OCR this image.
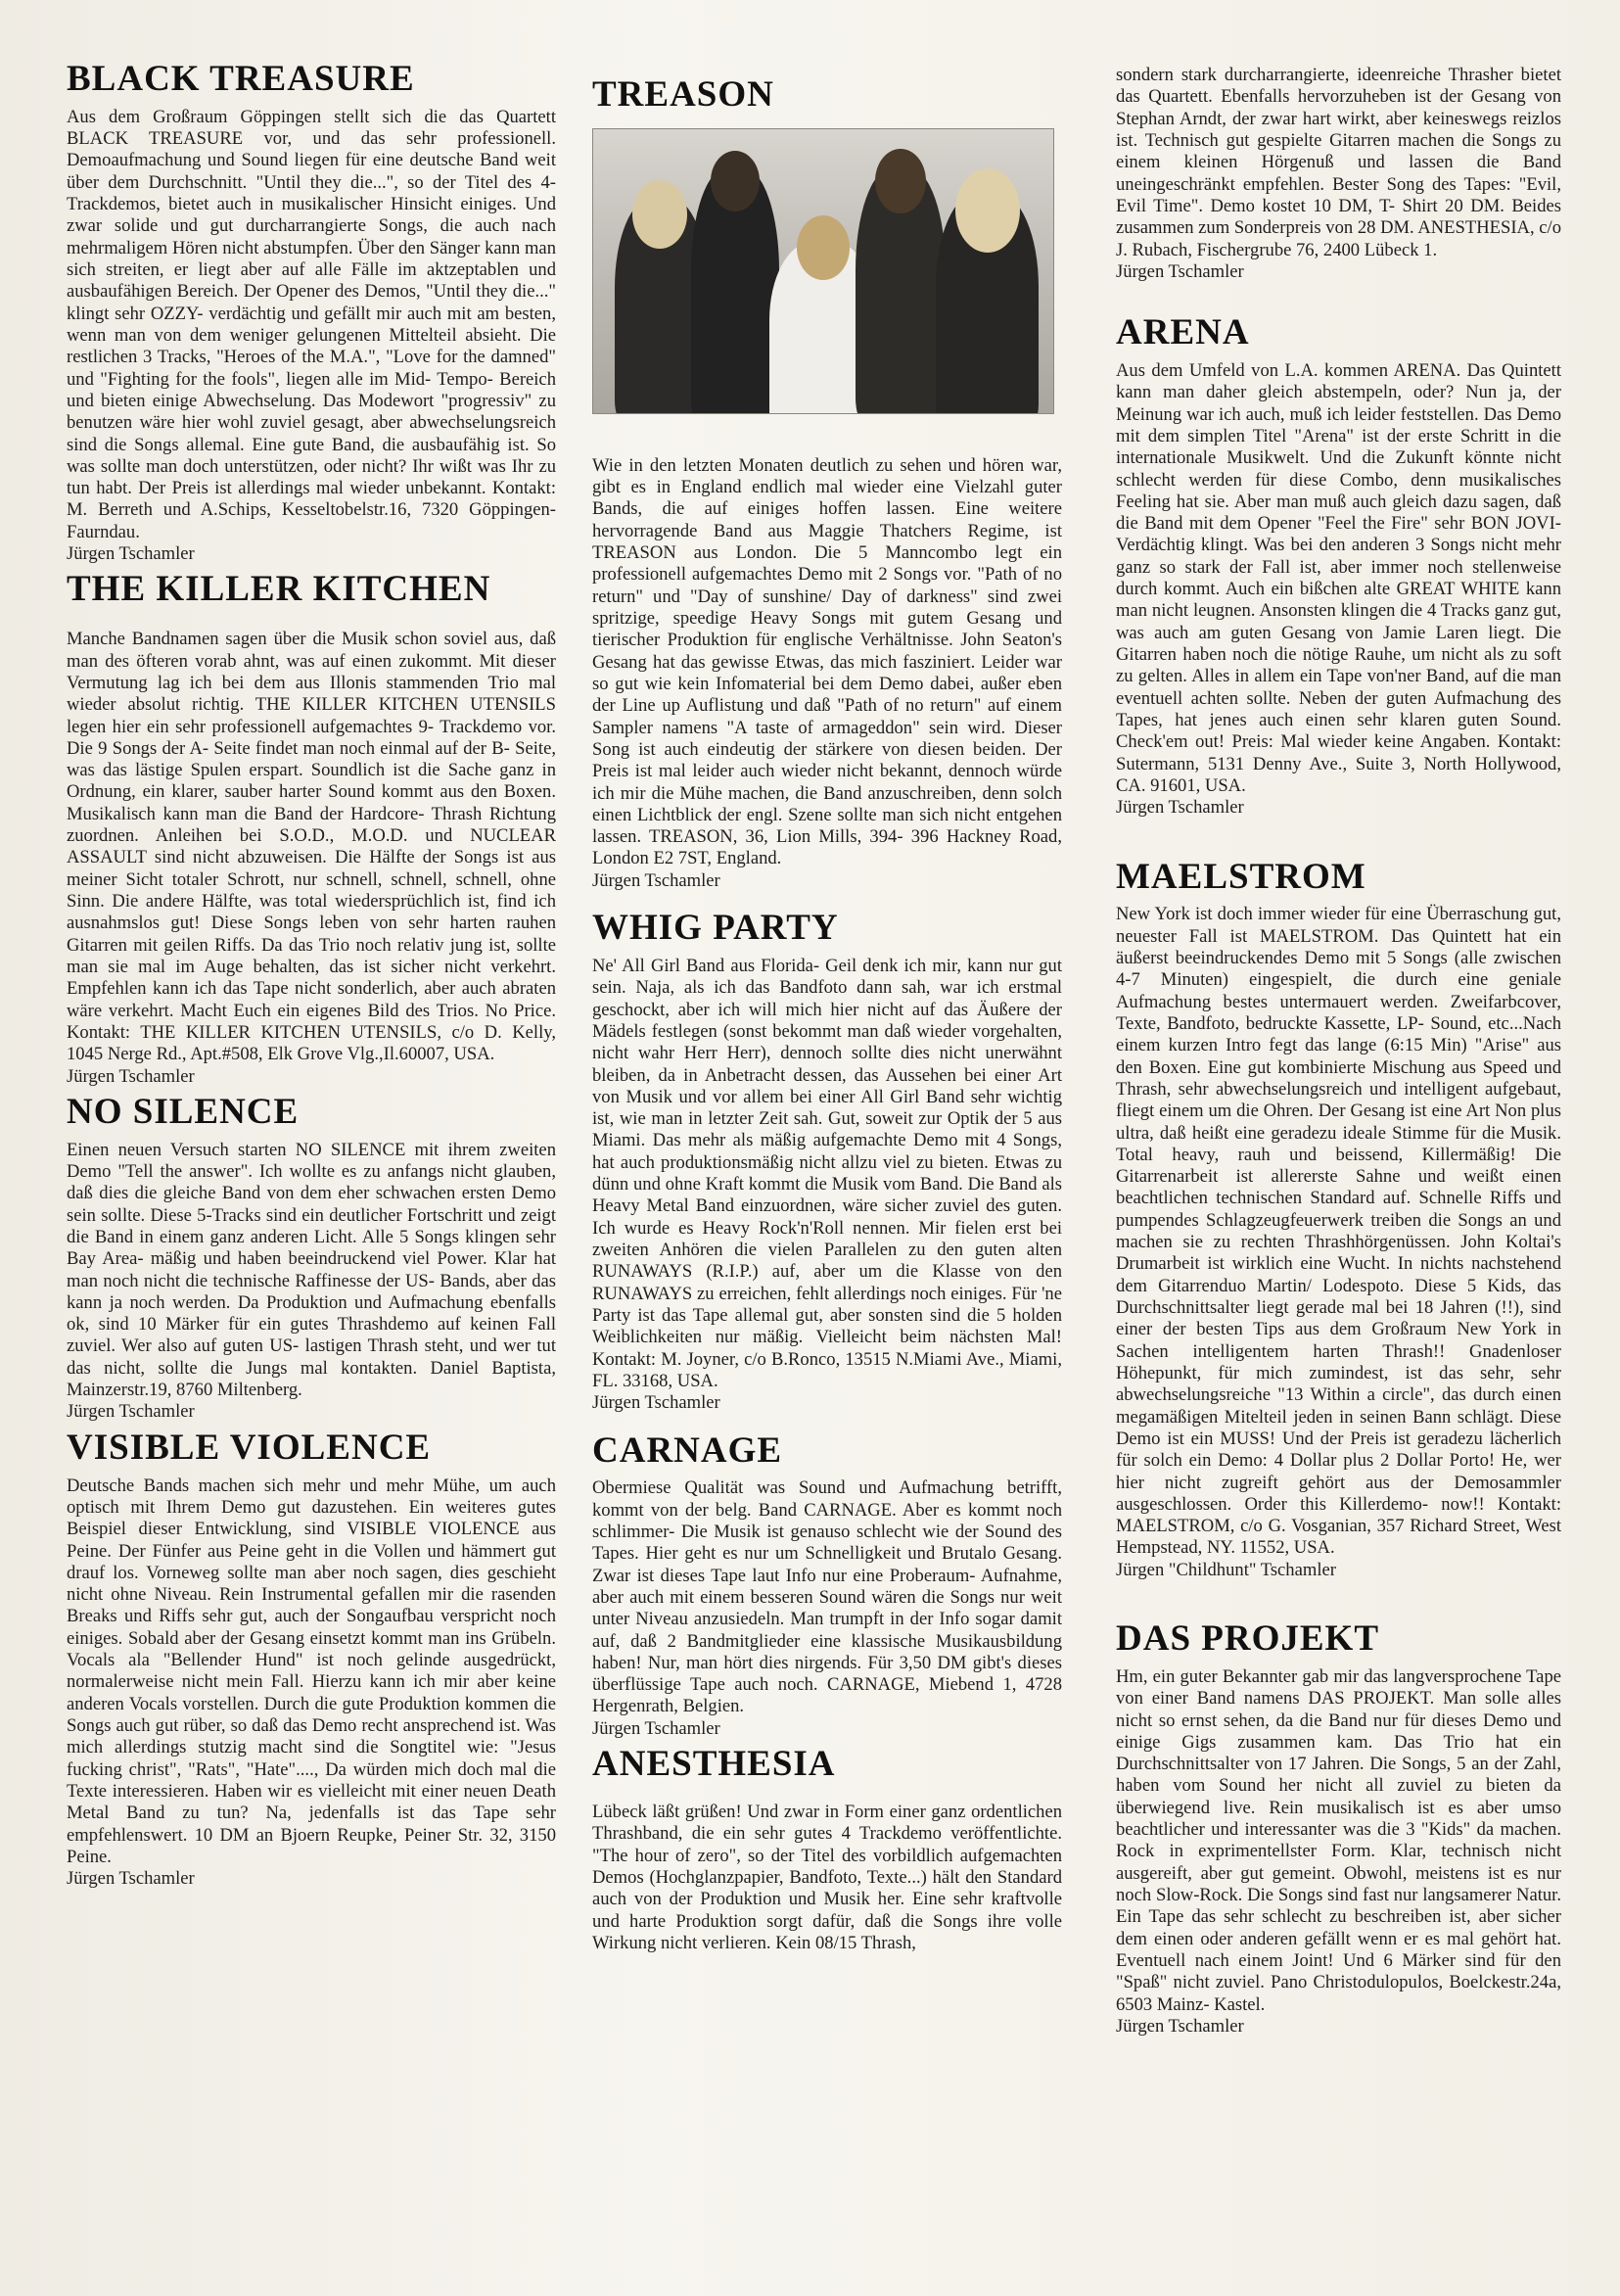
BLACK TREASURE

Aus dem Großraum Göppingen stellt sich die das Quartett BLACK TREASURE vor, und das sehr professionell. Demoaufmachung und Sound liegen für eine deutsche Band weit über dem Durchschnitt. "Until they die...", so der Titel des 4- Trackdemos, bietet auch in musikalischer Hinsicht einiges. Und zwar solide und gut durcharrangierte Songs, die auch nach mehrmaligem Hören nicht abstumpfen. Über den Sänger kann man sich streiten, er liegt aber auf alle Fälle im aktzeptablen und ausbaufähigen Bereich. Der Opener des Demos, "Until they die..." klingt sehr OZZY- verdächtig und gefällt mir auch mit am besten, wenn man von dem weniger gelungenen Mittelteil absieht. Die restlichen 3 Tracks, "Heroes of the M.A.", "Love for the damned" und "Fighting for the fools", liegen alle im Mid- Tempo- Bereich und bieten einige Abwechselung. Das Modewort "progressiv" zu benutzen wäre hier wohl zuviel gesagt, aber abwechselungsreich sind die Songs allemal. Eine gute Band, die ausbaufähig ist. So was sollte man doch unterstützen, oder nicht? Ihr wißt was Ihr zu tun habt. Der Preis ist allerdings mal wieder unbekannt. Kontakt: M. Berreth und A.Schips, Kesseltobelstr.16, 7320 Göppingen- Faurndau.

Jürgen Tschamler
THE KILLER KITCHEN

Manche Bandnamen sagen über die Musik schon soviel aus, daß man des öfteren vorab ahnt, was auf einen zukommt. Mit dieser Vermutung lag ich bei dem aus Illonis stammenden Trio mal wieder absolut richtig. THE KILLER KITCHEN UTENSILS legen hier ein sehr professionell aufgemachtes 9- Trackdemo vor. Die 9 Songs der A- Seite findet man noch einmal auf der B- Seite, was das lästige Spulen erspart. Soundlich ist die Sache ganz in Ordnung, ein klarer, sauber harter Sound kommt aus den Boxen. Musikalisch kann man die Band der Hardcore- Thrash Richtung zuordnen. Anleihen bei S.O.D., M.O.D. und NUCLEAR ASSAULT sind nicht abzuweisen. Die Hälfte der Songs ist aus meiner Sicht totaler Schrott, nur schnell, schnell, schnell, ohne Sinn. Die andere Hälfte, was total wiedersprüchlich ist, find ich ausnahmslos gut! Diese Songs leben von sehr harten rauhen Gitarren mit geilen Riffs. Da das Trio noch relativ jung ist, sollte man sie mal im Auge behalten, das ist sicher nicht verkehrt. Empfehlen kann ich das Tape nicht sonderlich, aber auch abraten wäre verkehrt. Macht Euch ein eigenes Bild des Trios. No Price. Kontakt: THE KILLER KITCHEN UTENSILS, c/o D. Kelly, 1045 Nerge Rd., Apt.#508, Elk Grove Vlg.,Il.60007, USA.

Jürgen Tschamler
NO SILENCE

Einen neuen Versuch starten NO SILENCE mit ihrem zweiten Demo "Tell the answer". Ich wollte es zu anfangs nicht glauben, daß dies die gleiche Band von dem eher schwachen ersten Demo sein sollte. Diese 5-Tracks sind ein deutlicher Fortschritt und zeigt die Band in einem ganz anderen Licht. Alle 5 Songs klingen sehr Bay Area- mäßig und haben beeindruckend viel Power. Klar hat man noch nicht die technische Raffinesse der US- Bands, aber das kann ja noch werden. Da Produktion und Aufmachung ebenfalls ok, sind 10 Märker für ein gutes Thrashdemo auf keinen Fall zuviel. Wer also auf guten US- lastigen Thrash steht, und wer tut das nicht, sollte die Jungs mal kontakten. Daniel Baptista, Mainzerstr.19, 8760 Miltenberg.

Jürgen Tschamler
VISIBLE VIOLENCE

Deutsche Bands machen sich mehr und mehr Mühe, um auch optisch mit Ihrem Demo gut dazustehen. Ein weiteres gutes Beispiel dieser Entwicklung, sind VISIBLE VIOLENCE aus Peine. Der Fünfer aus Peine geht in die Vollen und hämmert gut drauf los. Vorneweg sollte man aber noch sagen, dies geschieht nicht ohne Niveau. Rein Instrumental gefallen mir die rasenden Breaks und Riffs sehr gut, auch der Songaufbau verspricht noch einiges. Sobald aber der Gesang einsetzt kommt man ins Grübeln. Vocals ala "Bellender Hund" ist noch gelinde ausgedrückt, normalerweise nicht mein Fall. Hierzu kann ich mir aber keine anderen Vocals vorstellen. Durch die gute Produktion kommen die Songs auch gut rüber, so daß das Demo recht ansprechend ist. Was mich allerdings stutzig macht sind die Songtitel wie: "Jesus fucking christ", "Rats", "Hate"...., Da würden mich doch mal die Texte interessieren. Haben wir es vielleicht mit einer neuen Death Metal Band zu tun? Na, jedenfalls ist das Tape sehr empfehlenswert. 10 DM an Bjoern Reupke, Peiner Str. 32, 3150 Peine.

Jürgen Tschamler
TREASON

Wie in den letzten Monaten deutlich zu sehen und hören war, gibt es in England endlich mal wieder eine Vielzahl guter Bands, die auf einiges hoffen lassen. Eine weitere hervorragende Band aus Maggie Thatchers Regime, ist TREASON aus London. Die 5 Manncombo legt ein professionell aufgemachtes Demo mit 2 Songs vor. "Path of no return" und "Day of sunshine/ Day of darkness" sind zwei spritzige, speedige Heavy Songs mit gutem Gesang und tierischer Produktion für englische Verhältnisse. John Seaton's Gesang hat das gewisse Etwas, das mich fasziniert. Leider war so gut wie kein Infomaterial bei dem Demo dabei, außer eben der Line up Auflistung und daß "Path of no return" auf einem Sampler namens "A taste of armageddon" sein wird. Dieser Song ist auch eindeutig der stärkere von diesen beiden. Der Preis ist mal leider auch wieder nicht bekannt, dennoch würde ich mir die Mühe machen, die Band anzuschreiben, denn solch einen Lichtblick der engl. Szene sollte man sich nicht entgehen lassen. TREASON, 36, Lion Mills, 394- 396 Hackney Road, London E2 7ST, England.

Jürgen Tschamler
WHIG PARTY

Ne' All Girl Band aus Florida- Geil denk ich mir, kann nur gut sein. Naja, als ich das Bandfoto dann sah, war ich erstmal geschockt, aber ich will mich hier nicht auf das Äußere der Mädels festlegen (sonst bekommt man daß wieder vorgehalten, nicht wahr Herr Herr), dennoch sollte dies nicht unerwähnt bleiben, da in Anbetracht dessen, das Aussehen bei einer Art von Musik und vor allem bei einer All Girl Band sehr wichtig ist, wie man in letzter Zeit sah. Gut, soweit zur Optik der 5 aus Miami. Das mehr als mäßig aufgemachte Demo mit 4 Songs, hat auch produktionsmäßig nicht allzu viel zu bieten. Etwas zu dünn und ohne Kraft kommt die Musik vom Band. Die Band als Heavy Metal Band einzuordnen, wäre sicher zuviel des guten. Ich wurde es Heavy Rock'n'Roll nennen. Mir fielen erst bei zweiten Anhören die vielen Parallelen zu den guten alten RUNAWAYS (R.I.P.) auf, aber um die Klasse von den RUNAWAYS zu erreichen, fehlt allerdings noch einiges. Für 'ne Party ist das Tape allemal gut, aber sonsten sind die 5 holden Weiblichkeiten nur mäßig. Vielleicht beim nächsten Mal! Kontakt: M. Joyner, c/o B.Ronco, 13515 N.Miami Ave., Miami, FL. 33168, USA.

Jürgen Tschamler
CARNAGE

Obermiese Qualität was Sound und Aufmachung betrifft, kommt von der belg. Band CARNAGE. Aber es kommt noch schlimmer- Die Musik ist genauso schlecht wie der Sound des Tapes. Hier geht es nur um Schnelligkeit und Brutalo Gesang. Zwar ist dieses Tape laut Info nur eine Proberaum- Aufnahme, aber auch mit einem besseren Sound wären die Songs nur weit unter Niveau anzusiedeln. Man trumpft in der Info sogar damit auf, daß 2 Bandmitglieder eine klassische Musikausbildung haben! Nur, man hört dies nirgends. Für 3,50 DM gibt's dieses überflüssige Tape auch noch. CARNAGE, Miebend 1, 4728 Hergenrath, Belgien.

Jürgen Tschamler
ANESTHESIA

Lübeck läßt grüßen! Und zwar in Form einer ganz ordentlichen Thrashband, die ein sehr gutes 4 Trackdemo veröffentlichte. "The hour of zero", so der Titel des vorbildlich aufgemachten Demos (Hochglanzpapier, Bandfoto, Texte...) hält den Standard auch von der Produktion und Musik her. Eine sehr kraftvolle und harte Produktion sorgt dafür, daß die Songs ihre volle Wirkung nicht verlieren. Kein 08/15 Thrash,

sondern stark durcharrangierte, ideenreiche Thrasher bietet das Quartett. Ebenfalls hervorzuheben ist der Gesang von Stephan Arndt, der zwar hart wirkt, aber keineswegs reizlos ist. Technisch gut gespielte Gitarren machen die Songs zu einem kleinen Hörgenuß und lassen die Band uneingeschränkt empfehlen. Bester Song des Tapes: "Evil, Evil Time". Demo kostet 10 DM, T- Shirt 20 DM. Beides zusammen zum Sonderpreis von 28 DM. ANESTHESIA, c/o J. Rubach, Fischergrube 76, 2400 Lübeck 1.

Jürgen Tschamler
ARENA

Aus dem Umfeld von L.A. kommen ARENA. Das Quintett kann man daher gleich abstempeln, oder? Nun ja, der Meinung war ich auch, muß ich leider feststellen. Das Demo mit dem simplen Titel "Arena" ist der erste Schritt in die internationale Musikwelt. Und die Zukunft könnte nicht schlecht werden für diese Combo, denn musikalisches Feeling hat sie. Aber man muß auch gleich dazu sagen, daß die Band mit dem Opener "Feel the Fire" sehr BON JOVI-Verdächtig klingt. Was bei den anderen 3 Songs nicht mehr ganz so stark der Fall ist, aber immer noch stellenweise durch kommt. Auch ein bißchen alte GREAT WHITE kann man nicht leugnen. Ansonsten klingen die 4 Tracks ganz gut, was auch am guten Gesang von Jamie Laren liegt. Die Gitarren haben noch die nötige Rauhe, um nicht als zu soft zu gelten. Alles in allem ein Tape von'ner Band, auf die man eventuell achten sollte. Neben der guten Aufmachung des Tapes, hat jenes auch einen sehr klaren guten Sound. Check'em out! Preis: Mal wieder keine Angaben. Kontakt: Sutermann, 5131 Denny Ave., Suite 3, North Hollywood, CA. 91601, USA.

Jürgen Tschamler
MAELSTROM

New York ist doch immer wieder für eine Überraschung gut, neuester Fall ist MAELSTROM. Das Quintett hat ein äußerst beeindruckendes Demo mit 5 Songs (alle zwischen 4-7 Minuten) eingespielt, die durch eine geniale Aufmachung bestes untermauert werden. Zweifarbcover, Texte, Bandfoto, bedruckte Kassette, LP- Sound, etc...Nach einem kurzen Intro fegt das lange (6:15 Min) "Arise" aus den Boxen. Eine gut kombinierte Mischung aus Speed und Thrash, sehr abwechselungsreich und intelligent aufgebaut, fliegt einem um die Ohren. Der Gesang ist eine Art Non plus ultra, daß heißt eine geradezu ideale Stimme für die Musik. Total heavy, rauh und beissend, Killermäßig! Die Gitarrenarbeit ist allererste Sahne und weißt einen beachtlichen technischen Standard auf. Schnelle Riffs und pumpendes Schlagzeugfeuerwerk treiben die Songs an und machen sie zu rechten Thrashhörgenüssen. John Koltai's Drumarbeit ist wirklich eine Wucht. In nichts nachstehend dem Gitarrenduo Martin/ Lodespoto. Diese 5 Kids, das Durchschnittsalter liegt gerade mal bei 18 Jahren (!!), sind einer der besten Tips aus dem Großraum New York in Sachen intelligentem harten Thrash!! Gnadenloser Höhepunkt, für mich zumindest, ist das sehr, sehr abwechselungsreiche "13 Within a circle", das durch einen megamäßigen Mitelteil jeden in seinen Bann schlägt. Diese Demo ist ein MUSS! Und der Preis ist geradezu lächerlich für solch ein Demo: 4 Dollar plus 2 Dollar Porto! He, wer hier nicht zugreift gehört aus der Demosammler ausgeschlossen. Order this Killerdemo- now!! Kontakt: MAELSTROM, c/o G. Vosganian, 357 Richard Street, West Hempstead, NY. 11552, USA.

Jürgen "Childhunt" Tschamler
DAS PROJEKT

Hm, ein guter Bekannter gab mir das langversprochene Tape von einer Band namens DAS PROJEKT. Man solle alles nicht so ernst sehen, da die Band nur für dieses Demo und einige Gigs zusammen kam. Das Trio hat ein Durchschnittsalter von 17 Jahren. Die Songs, 5 an der Zahl, haben vom Sound her nicht all zuviel zu bieten da überwiegend live. Rein musikalisch ist es aber umso beachtlicher und interessanter was die 3 "Kids" da machen. Rock in exprimentellster Form. Klar, technisch nicht ausgereift, aber gut gemeint. Obwohl, meistens ist es nur noch Slow-Rock. Die Songs sind fast nur langsamerer Natur. Ein Tape das sehr schlecht zu beschreiben ist, aber sicher dem einen oder anderen gefällt wenn er es mal gehört hat. Eventuell nach einem Joint! Und 6 Märker sind für den "Spaß" nicht zuviel. Pano Christodulopulos, Boelckestr.24a, 6503 Mainz- Kastel.

Jürgen Tschamler
